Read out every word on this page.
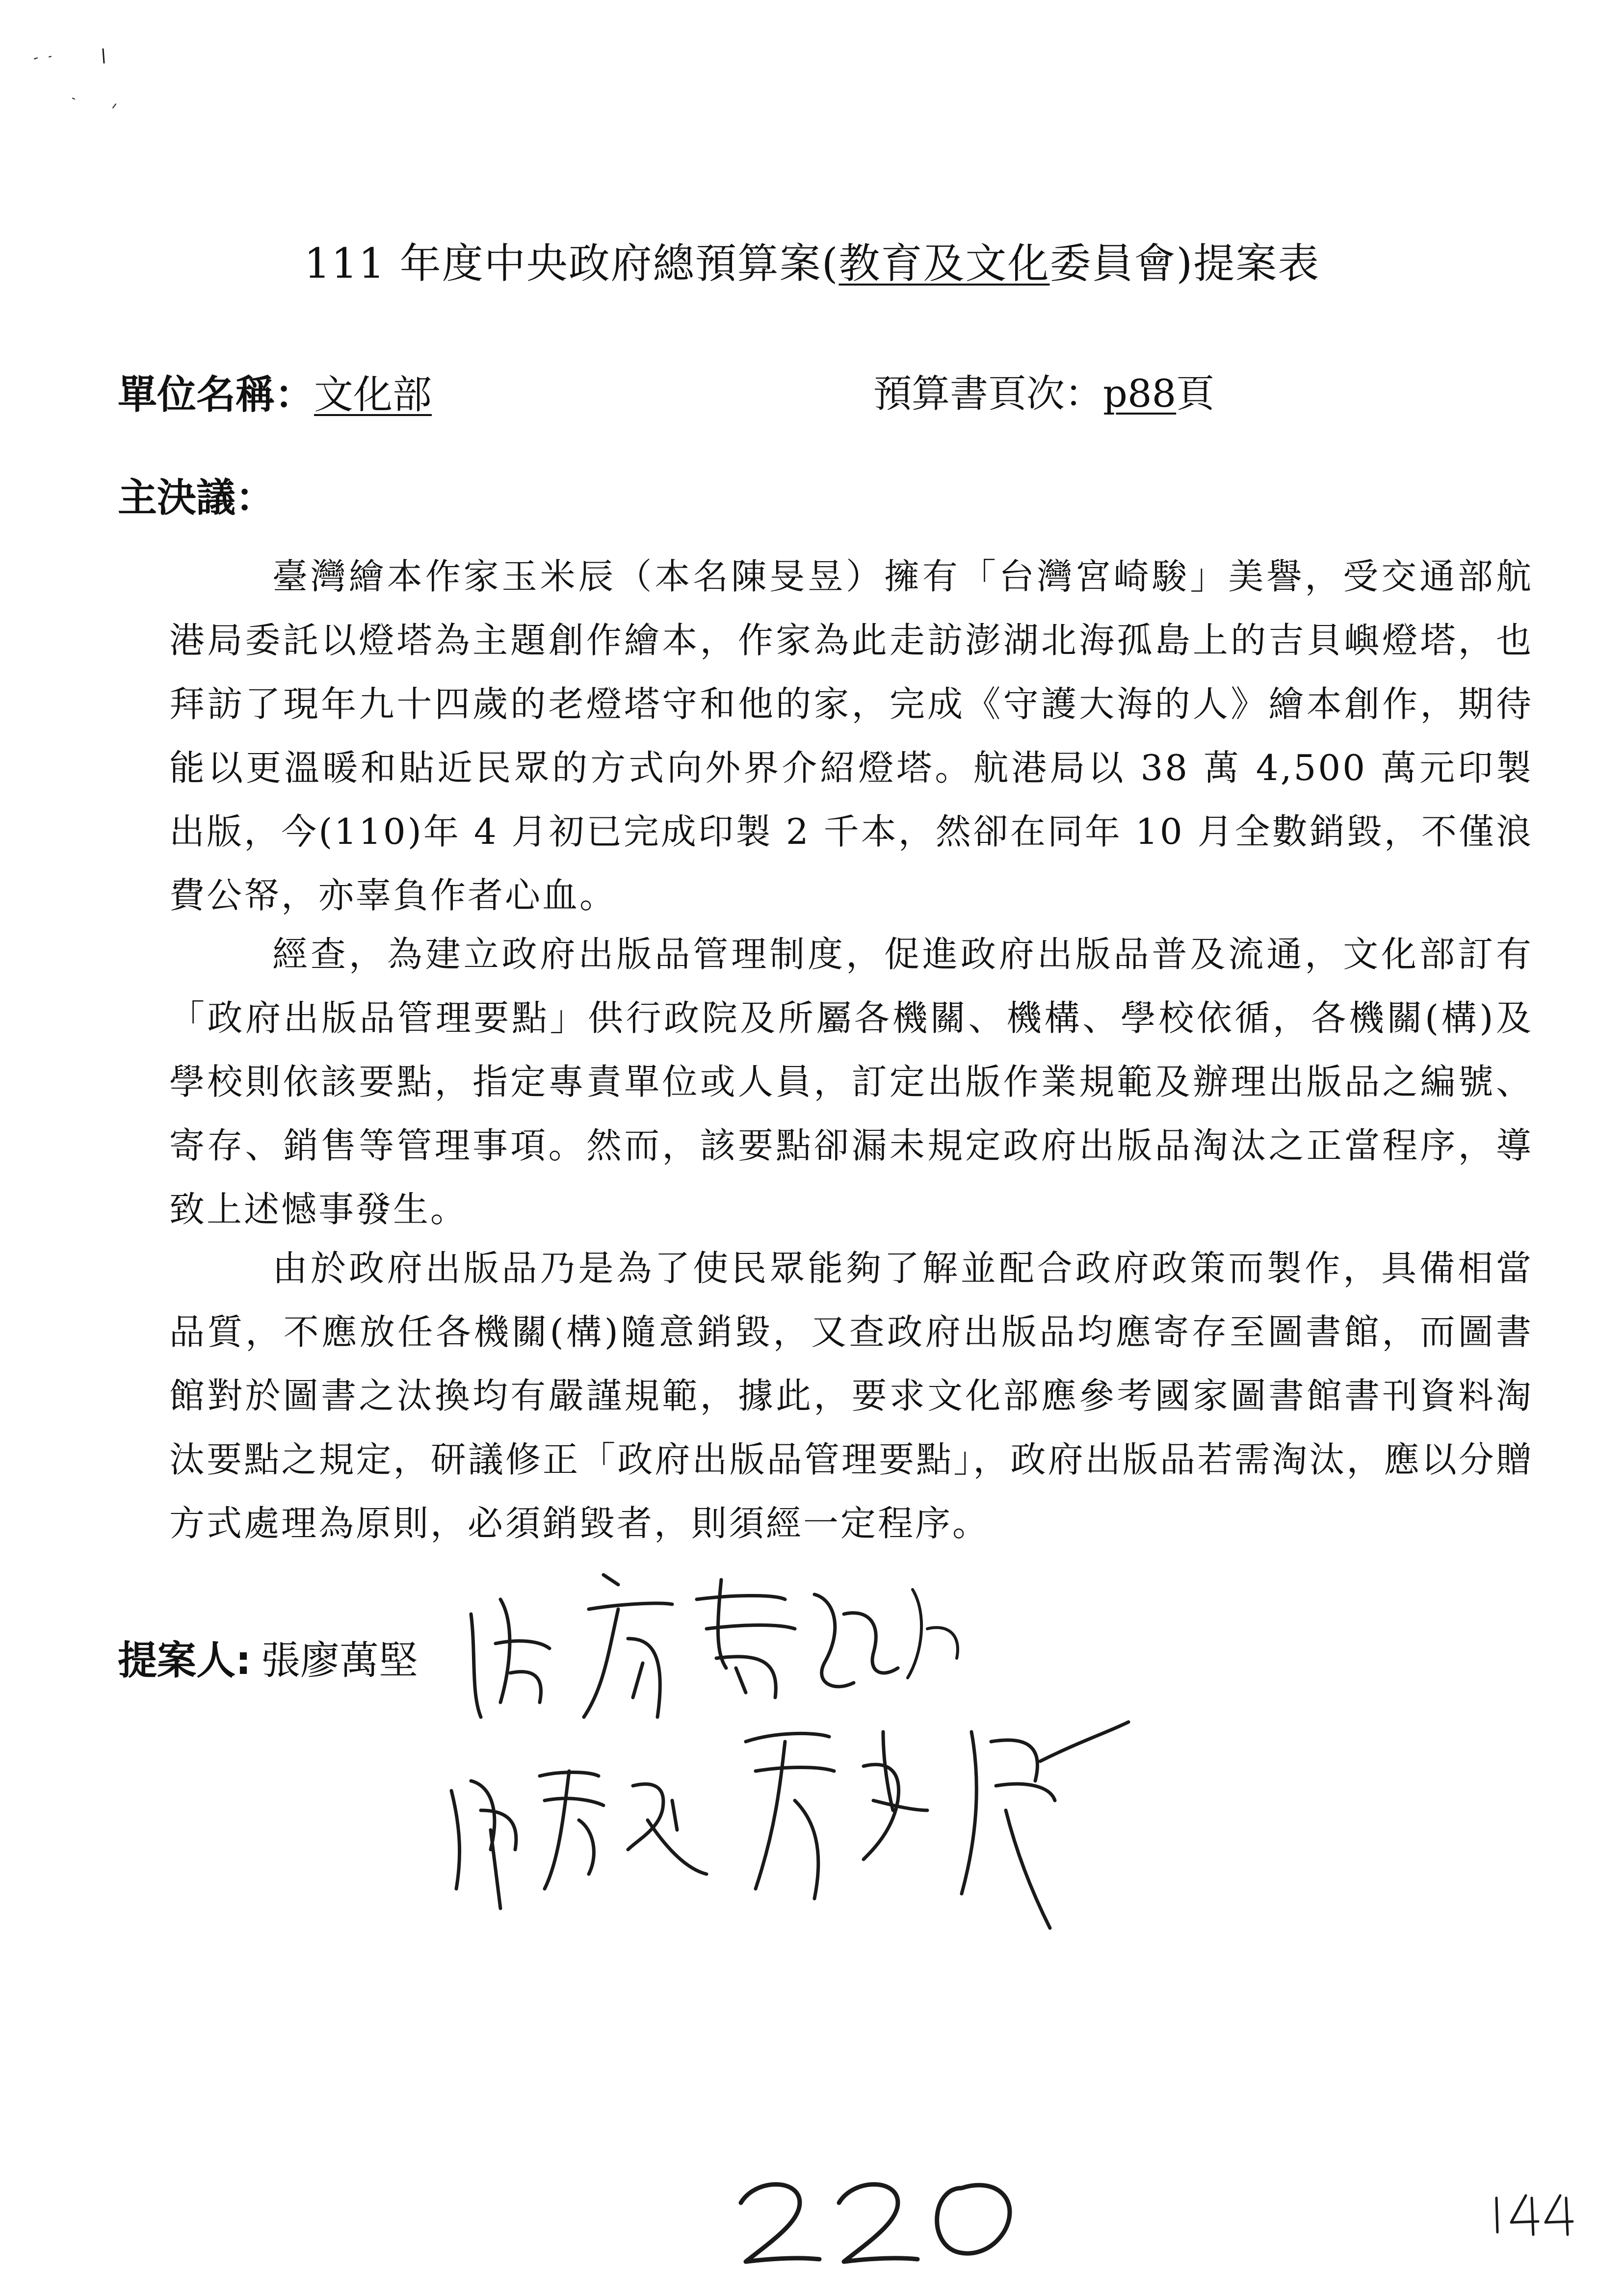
111 年度中央政府總預算案(教育及文化委員會)提案表
單位名稱：文化部	預算書頁次：p88頁
主決議：
臺灣繪本作家玉米辰（本名陳旻昱）擁有「台灣宮崎駿」美譽，受交通部航港局委託以燈塔為主題創作繪本，作家為此走訪澎湖北海孤島上的吉貝嶼燈塔，也拜訪了現年九十四歲的老燈塔守和他的家，完成《守護大海的人》繪本創作，期待能以更溫暖和貼近民眾的方式向外界介紹燈塔。航港局以 38 萬 4,500 萬元印製出版，今(110)年 4 月初已完成印製 2 千本，然卻在同年 10 月全數銷毀，不僅浪費公帑，亦辜負作者心血。
經查，為建立政府出版品管理制度，促進政府出版品普及流通，文化部訂有「政府出版品管理要點」供行政院及所屬各機關、機構、學校依循，各機關(構)及學校則依該要點，指定專責單位或人員，訂定出版作業規範及辦理出版品之編號、寄存、銷售等管理事項。然而，該要點卻漏未規定政府出版品淘汰之正當程序，導致上述憾事發生。
由於政府出版品乃是為了使民眾能夠了解並配合政府政策而製作，具備相當品質，不應放任各機關(構)隨意銷毀，又查政府出版品均應寄存至圖書館，而圖書館對於圖書之汰換均有嚴謹規範，據此，要求文化部應參考國家圖書館書刊資料淘汰要點之規定，研議修正「政府出版品管理要點」，政府出版品若需淘汰，應以分贈方式處理為原則，必須銷毀者，則須經一定程序。
提案人: 張廖萬堅
